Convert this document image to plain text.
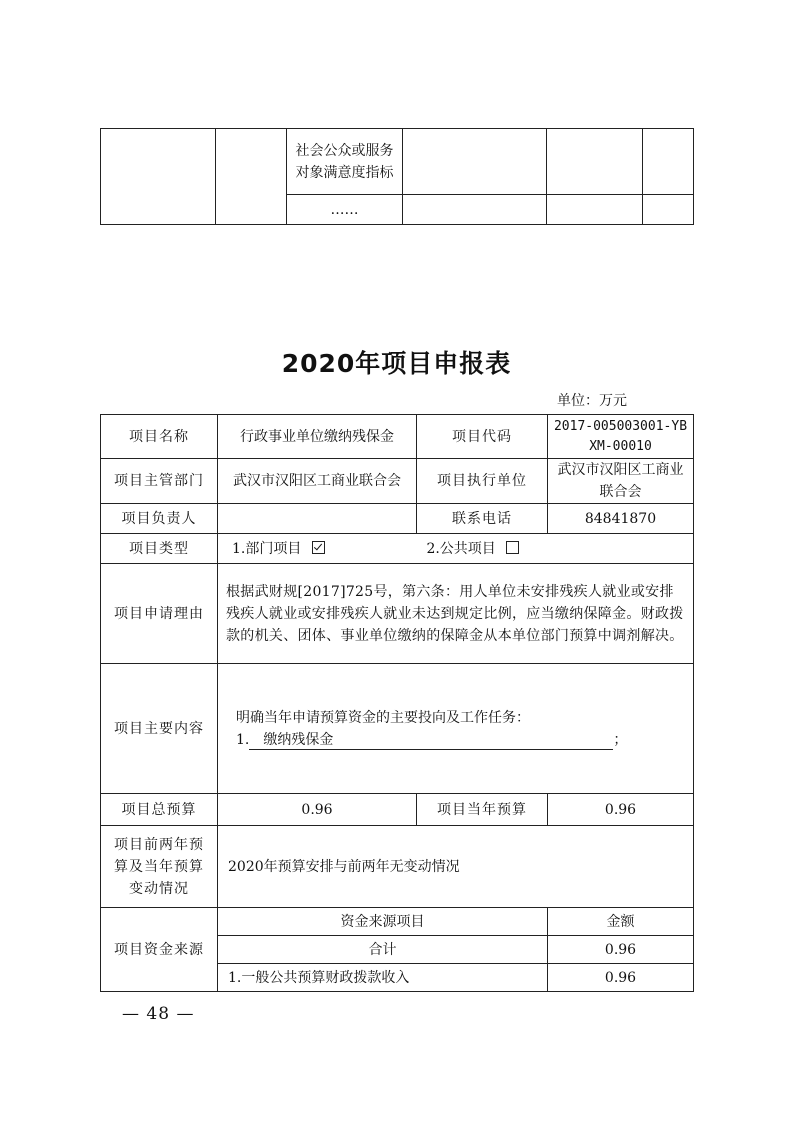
		社会公众或服务对象满意度指标			
		……			
2020年项目申报表
单位：万元
项目名称	行政事业单位缴纳残保金	项目代码	2017-005003001-YBXM-00010
项目主管部门	武汉市汉阳区工商业联合会	项目执行单位	武汉市汉阳区工商业联合会
项目负责人		联系电话	84841870
项目类型	1.部门项目 2.公共项目		
项目申请理由	根据武财规[2017]725号，第六条：用人单位未安排残疾人就业或安排残疾人就业或安排残疾人就业未达到规定比例，应当缴纳保障金。财政拨款的机关、团体、事业单位缴纳的保障金从本单位部门预算中调剂解决。		
项目主要内容	明确当年申请预算资金的主要投向及工作任务：
1. 缴纳残保金 ；		

项目总预算	0.96	项目当年预算	0.96
项目前两年预算及当年预算变动情况	2020年预算安排与前两年无变动情况		
项目资金来源	资金来源项目		金额
	合计		0.96
	1.一般公共预算财政拨款收入		0.96
— 48 —
